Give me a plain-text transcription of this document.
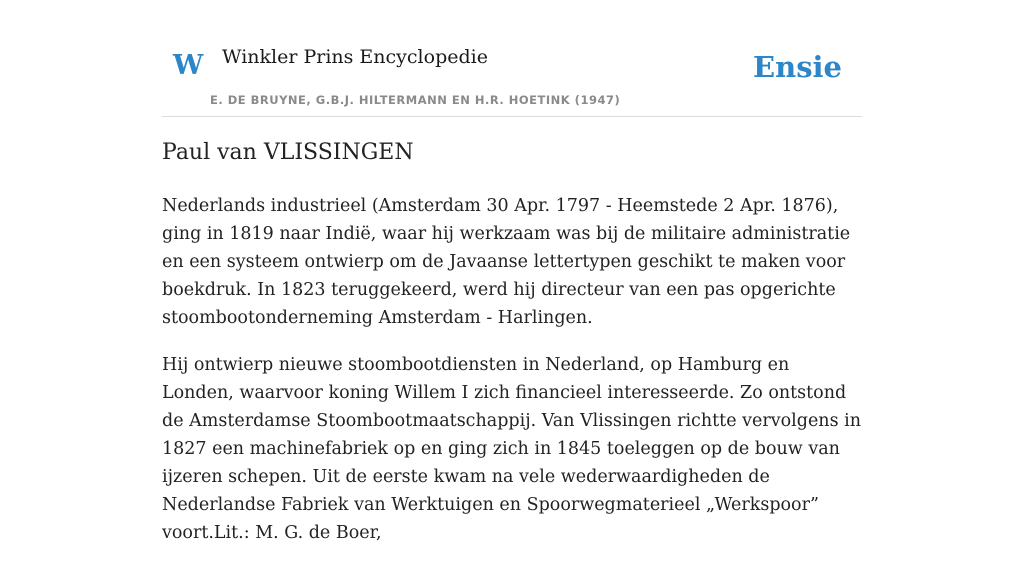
W Winkler Prins Encyclopedie
E. DE BRUYNE, G.B.J. HILTERMANN EN H.R. HOETINK (1947)
Ensie
Paul van VLISSINGEN

Nederlands industrieel (Amsterdam 30 Apr. 1797 - Heemstede 2 Apr. 1876), ging in 1819 naar Indië, waar hij werkzaam was bij de militaire administratie en een systeem ontwierp om de Javaanse lettertypen geschikt te maken voor boekdruk. In 1823 teruggekeerd, werd hij directeur van een pas opgerichte stoombootonderneming Amsterdam - Harlingen.

Hij ontwierp nieuwe stoombootdiensten in Nederland, op Hamburg en Londen, waarvoor koning Willem I zich financieel interesseerde. Zo ontstond de Amsterdamse Stoombootmaatschappij. Van Vlissingen richtte vervolgens in 1827 een machinefabriek op en ging zich in 1845 toeleggen op de bouw van ijzeren schepen. Uit de eerste kwam na vele wederwaardigheden de Nederlandse Fabriek van Werktuigen en Spoorwegmaterieel „Werkspoor” voort.Lit.: M. G. de Boer,
